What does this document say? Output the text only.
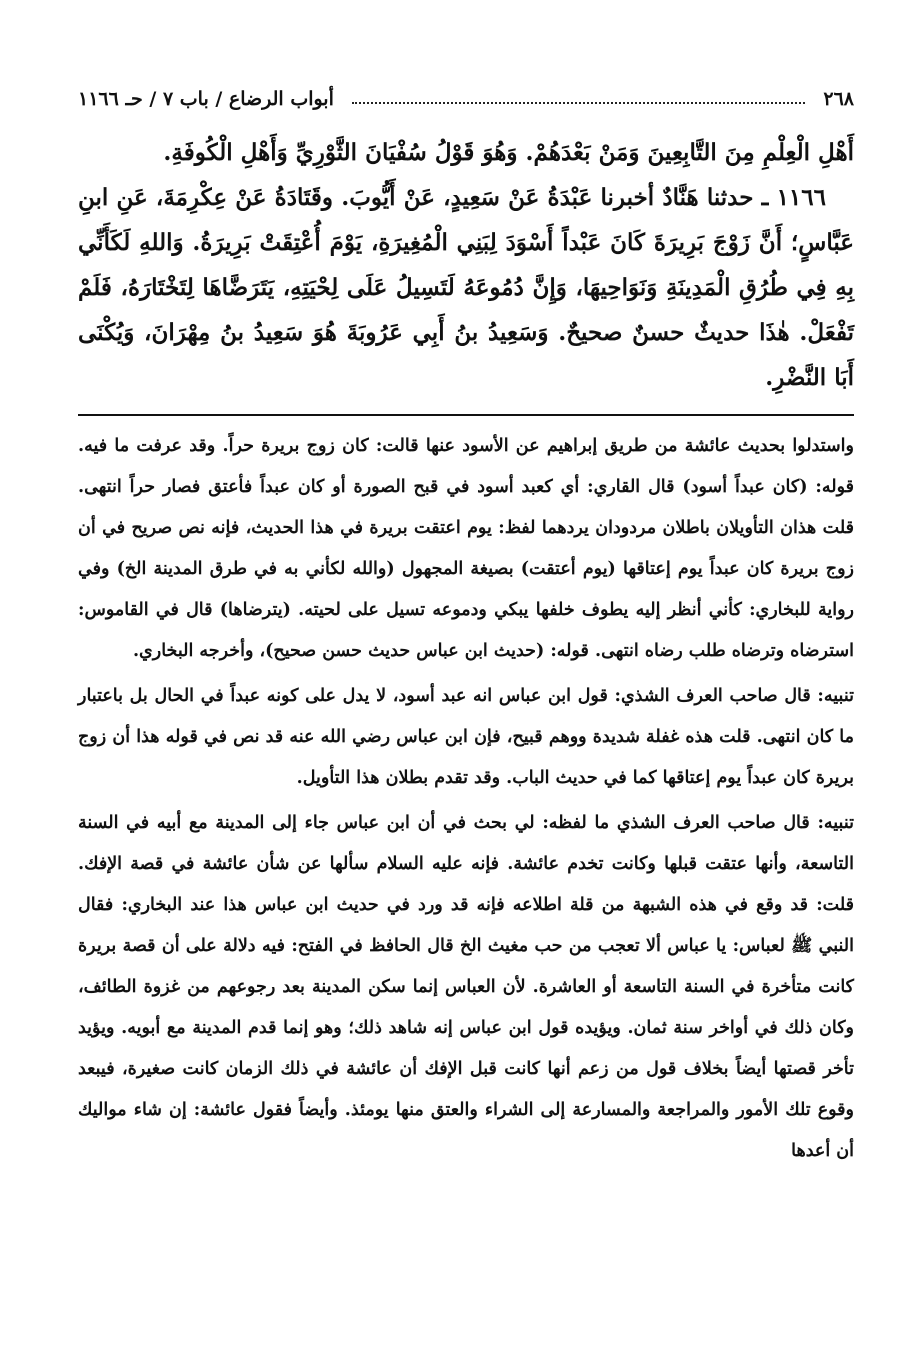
٢٦٨
أبواب الرضاع / باب ٧ / حـ ١١٦٦

أَهْلِ الْعِلْمِ مِنَ التَّابِعِينَ وَمَنْ بَعْدَهُمْ. وَهُوَ قَوْلُ سُفْيَانَ الثَّوْرِيِّ وَأَهْلِ الْكُوفَةِ.

١١٦٦ ـ حدثنا هَنَّادٌ أخبرنا عَبْدَةُ عَنْ سَعِيدٍ، عَنْ أَيُّوبَ. وقَتَادَةُ عَنْ عِكْرِمَةَ، عَنِ ابنِ عَبَّاسٍ؛ أَنَّ زَوْجَ بَرِيرَةَ كَانَ عَبْداً أَسْوَدَ لِبَنِي الْمُغِيرَةِ، يَوْمَ أُعْتِقَتْ بَرِيرَةُ. وَاللهِ لَكَأَنِّي بِهِ فِي طُرُقِ الْمَدِينَةِ وَنَوَاحِيهَا، وَإِنَّ دُمُوعَهُ لَتَسِيلُ عَلَى لِحْيَتِهِ، يَتَرَضَّاهَا لِتَخْتَارَهُ، فَلَمْ تَفْعَلْ. هٰذَا حديثٌ حسنٌ صحيحٌ. وَسَعِيدُ بنُ أَبِي عَرُوبَةَ هُوَ سَعِيدُ بنُ مِهْرَانَ، وَيُكْنَى أَبَا النَّضْرِ.

واستدلوا بحديث عائشة من طريق إبراهيم عن الأسود عنها قالت: كان زوج بريرة حراً. وقد عرفت ما فيه. قوله: (كان عبداً أسود) قال القاري: أي كعبد أسود في قبح الصورة أو كان عبداً فأعتق فصار حراً انتهى. قلت هذان التأويلان باطلان مردودان يردهما لفظ: يوم اعتقت بريرة في هذا الحديث، فإنه نص صريح في أن زوج بريرة كان عبداً يوم إعتاقها (يوم أعتقت) بصيغة المجهول (والله لكأني به في طرق المدينة الخ) وفي رواية للبخاري: كأني أنظر إليه يطوف خلفها يبكي ودموعه تسيل على لحيته. (يترضاها) قال في القاموس: استرضاه وترضاه طلب رضاه انتهى. قوله: (حديث ابن عباس حديث حسن صحيح)، وأخرجه البخاري.

تنبيه: قال صاحب العرف الشذي: قول ابن عباس انه عبد أسود، لا يدل على كونه عبداً في الحال بل باعتبار ما كان انتهى. قلت هذه غفلة شديدة ووهم قبيح، فإن ابن عباس رضي الله عنه قد نص في قوله هذا أن زوج بريرة كان عبداً يوم إعتاقها كما في حديث الباب. وقد تقدم بطلان هذا التأويل.

تنبيه: قال صاحب العرف الشذي ما لفظه: لي بحث في أن ابن عباس جاء إلى المدينة مع أبيه في السنة التاسعة، وأنها عتقت قبلها وكانت تخدم عائشة. فإنه عليه السلام سألها عن شأن عائشة في قصة الإفك. قلت: قد وقع في هذه الشبهة من قلة اطلاعه فإنه قد ورد في حديث ابن عباس هذا عند البخاري: فقال النبي ﷺ لعباس: يا عباس ألا تعجب من حب مغيث الخ قال الحافظ في الفتح: فيه دلالة على أن قصة بريرة كانت متأخرة في السنة التاسعة أو العاشرة. لأن العباس إنما سكن المدينة بعد رجوعهم من غزوة الطائف، وكان ذلك في أواخر سنة ثمان. ويؤيده قول ابن عباس إنه شاهد ذلك؛ وهو إنما قدم المدينة مع أبويه. ويؤيد تأخر قصتها أيضاً بخلاف قول من زعم أنها كانت قبل الإفك أن عائشة في ذلك الزمان كانت صغيرة، فيبعد وقوع تلك الأمور والمراجعة والمسارعة إلى الشراء والعتق منها يومئذ. وأيضاً فقول عائشة: إن شاء مواليك أن أعدها
